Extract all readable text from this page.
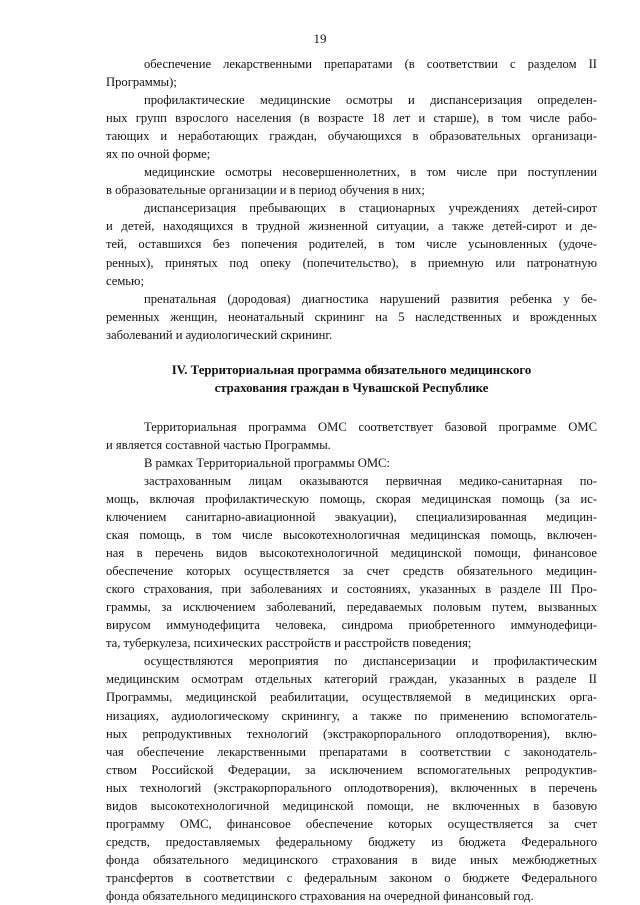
19
обеспечение лекарственными препаратами (в соответствии с разделом II
Программы);
профилактические медицинские осмотры и диспансеризация определен-
ных групп взрослого населения (в возрасте 18 лет и старше), в том числе рабо-
тающих и неработающих граждан, обучающихся в образовательных организаци-
ях по очной форме;
медицинские осмотры несовершеннолетних, в том числе при поступлении
в образовательные организации и в период обучения в них;
диспансеризация пребывающих в стационарных учреждениях детей-сирот
и детей, находящихся в трудной жизненной ситуации, а также детей-сирот и де-
тей, оставшихся без попечения родителей, в том числе усыновленных (удоче-
ренных), принятых под опеку (попечительство), в приемную или патронатную
семью;
пренатальная (дородовая) диагностика нарушений развития ребенка у бе-
ременных женщин, неонатальный скрининг на 5 наследственных и врожденных
заболеваний и аудиологический скрининг.
IV. Территориальная программа обязательного медицинского
страхования граждан в Чувашской Республике
Территориальная программа ОМС соответствует базовой программе ОМС
и является составной частью Программы.
В рамках Территориальной программы ОМС:
застрахованным лицам оказываются первичная медико-санитарная по-
мощь, включая профилактическую помощь, скорая медицинская помощь (за ис-
ключением санитарно-авиационной эвакуации), специализированная медицин-
ская помощь, в том числе высокотехнологичная медицинская помощь, включен-
ная в перечень видов высокотехнологичной медицинской помощи, финансовое
обеспечение которых осуществляется за счет средств обязательного медицин-
ского страхования, при заболеваниях и состояниях, указанных в разделе III Про-
граммы, за исключением заболеваний, передаваемых половым путем, вызванных
вирусом иммунодефицита человека, синдрома приобретенного иммунодефици-
та, туберкулеза, психических расстройств и расстройств поведения;
осуществляются мероприятия по диспансеризации и профилактическим
медицинским осмотрам отдельных категорий граждан, указанных в разделе II
Программы, медицинской реабилитации, осуществляемой в медицинских орга-
низациях, аудиологическому скринингу, а также по применению вспомогатель-
ных репродуктивных технологий (экстракорпорального оплодотворения), вклю-
чая обеспечение лекарственными препаратами в соответствии с законодатель-
ством Российской Федерации, за исключением вспомогательных репродуктив-
ных технологий (экстракорпорального оплодотворения), включенных в перечень
видов высокотехнологичной медицинской помощи, не включенных в базовую
программу ОМС, финансовое обеспечение которых осуществляется за счет
средств, предоставляемых федеральному бюджету из бюджета Федерального
фонда обязательного медицинского страхования в виде иных межбюджетных
трансфертов в соответствии с федеральным законом о бюджете Федерального
фонда обязательного медицинского страхования на очередной финансовый год.
